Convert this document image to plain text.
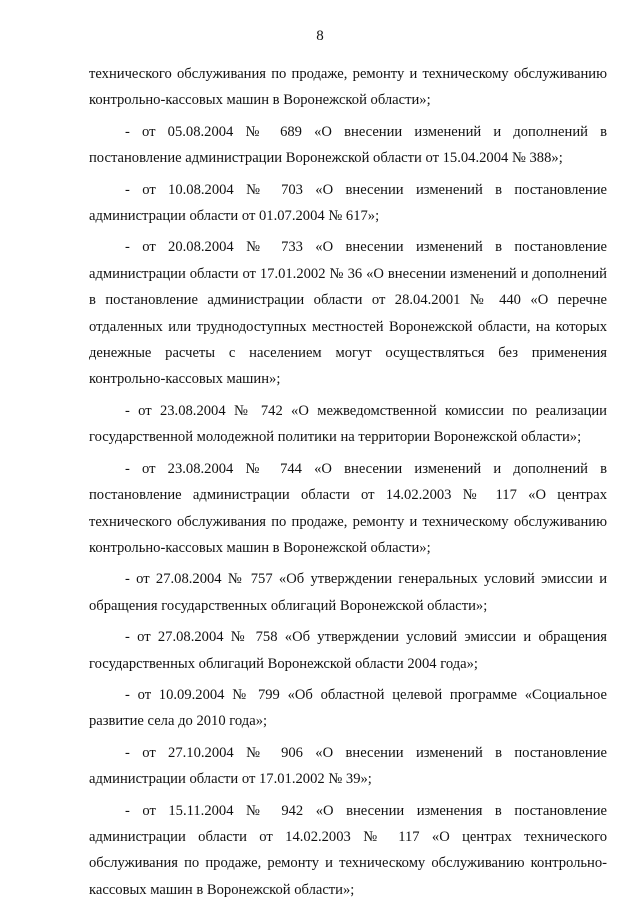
8

технического обслуживания по продаже, ремонту и техническому обслуживанию контрольно-кассовых машин в Воронежской области»;

- от 05.08.2004 № 689 «О внесении изменений и дополнений в постановление администрации Воронежской области от 15.04.2004 № 388»;

- от 10.08.2004 № 703 «О внесении изменений в постановление администрации области от 01.07.2004 № 617»;

- от 20.08.2004 № 733 «О внесении изменений в постановление администрации области от 17.01.2002 № 36 «О внесении изменений и дополнений в постановление администрации области от 28.04.2001 № 440 «О перечне отдаленных или труднодоступных местностей Воронежской области, на которых денежные расчеты с населением могут осуществляться без применения контрольно-кассовых машин»;

- от 23.08.2004 № 742 «О межведомственной комиссии по реализации государственной молодежной политики на территории Воронежской области»;

- от 23.08.2004 № 744 «О внесении изменений и дополнений в постановление администрации области от 14.02.2003 № 117 «О центрах технического обслуживания по продаже, ремонту и техническому обслуживанию контрольно-кассовых машин в Воронежской области»;

- от 27.08.2004 № 757 «Об утверждении генеральных условий эмиссии и обращения государственных облигаций Воронежской области»;

- от 27.08.2004 № 758 «Об утверждении условий эмиссии и обращения государственных облигаций Воронежской области 2004 года»;

- от 10.09.2004 № 799 «Об областной целевой программе «Социальное развитие села до 2010 года»;

- от 27.10.2004 № 906 «О внесении изменений в постановление администрации области от 17.01.2002 № 39»;

- от 15.11.2004 № 942 «О внесении изменения в постановление администрации области от 14.02.2003 № 117 «О центрах технического обслуживания по продаже, ремонту и техническому обслуживанию контрольно-кассовых машин в Воронежской области»;
